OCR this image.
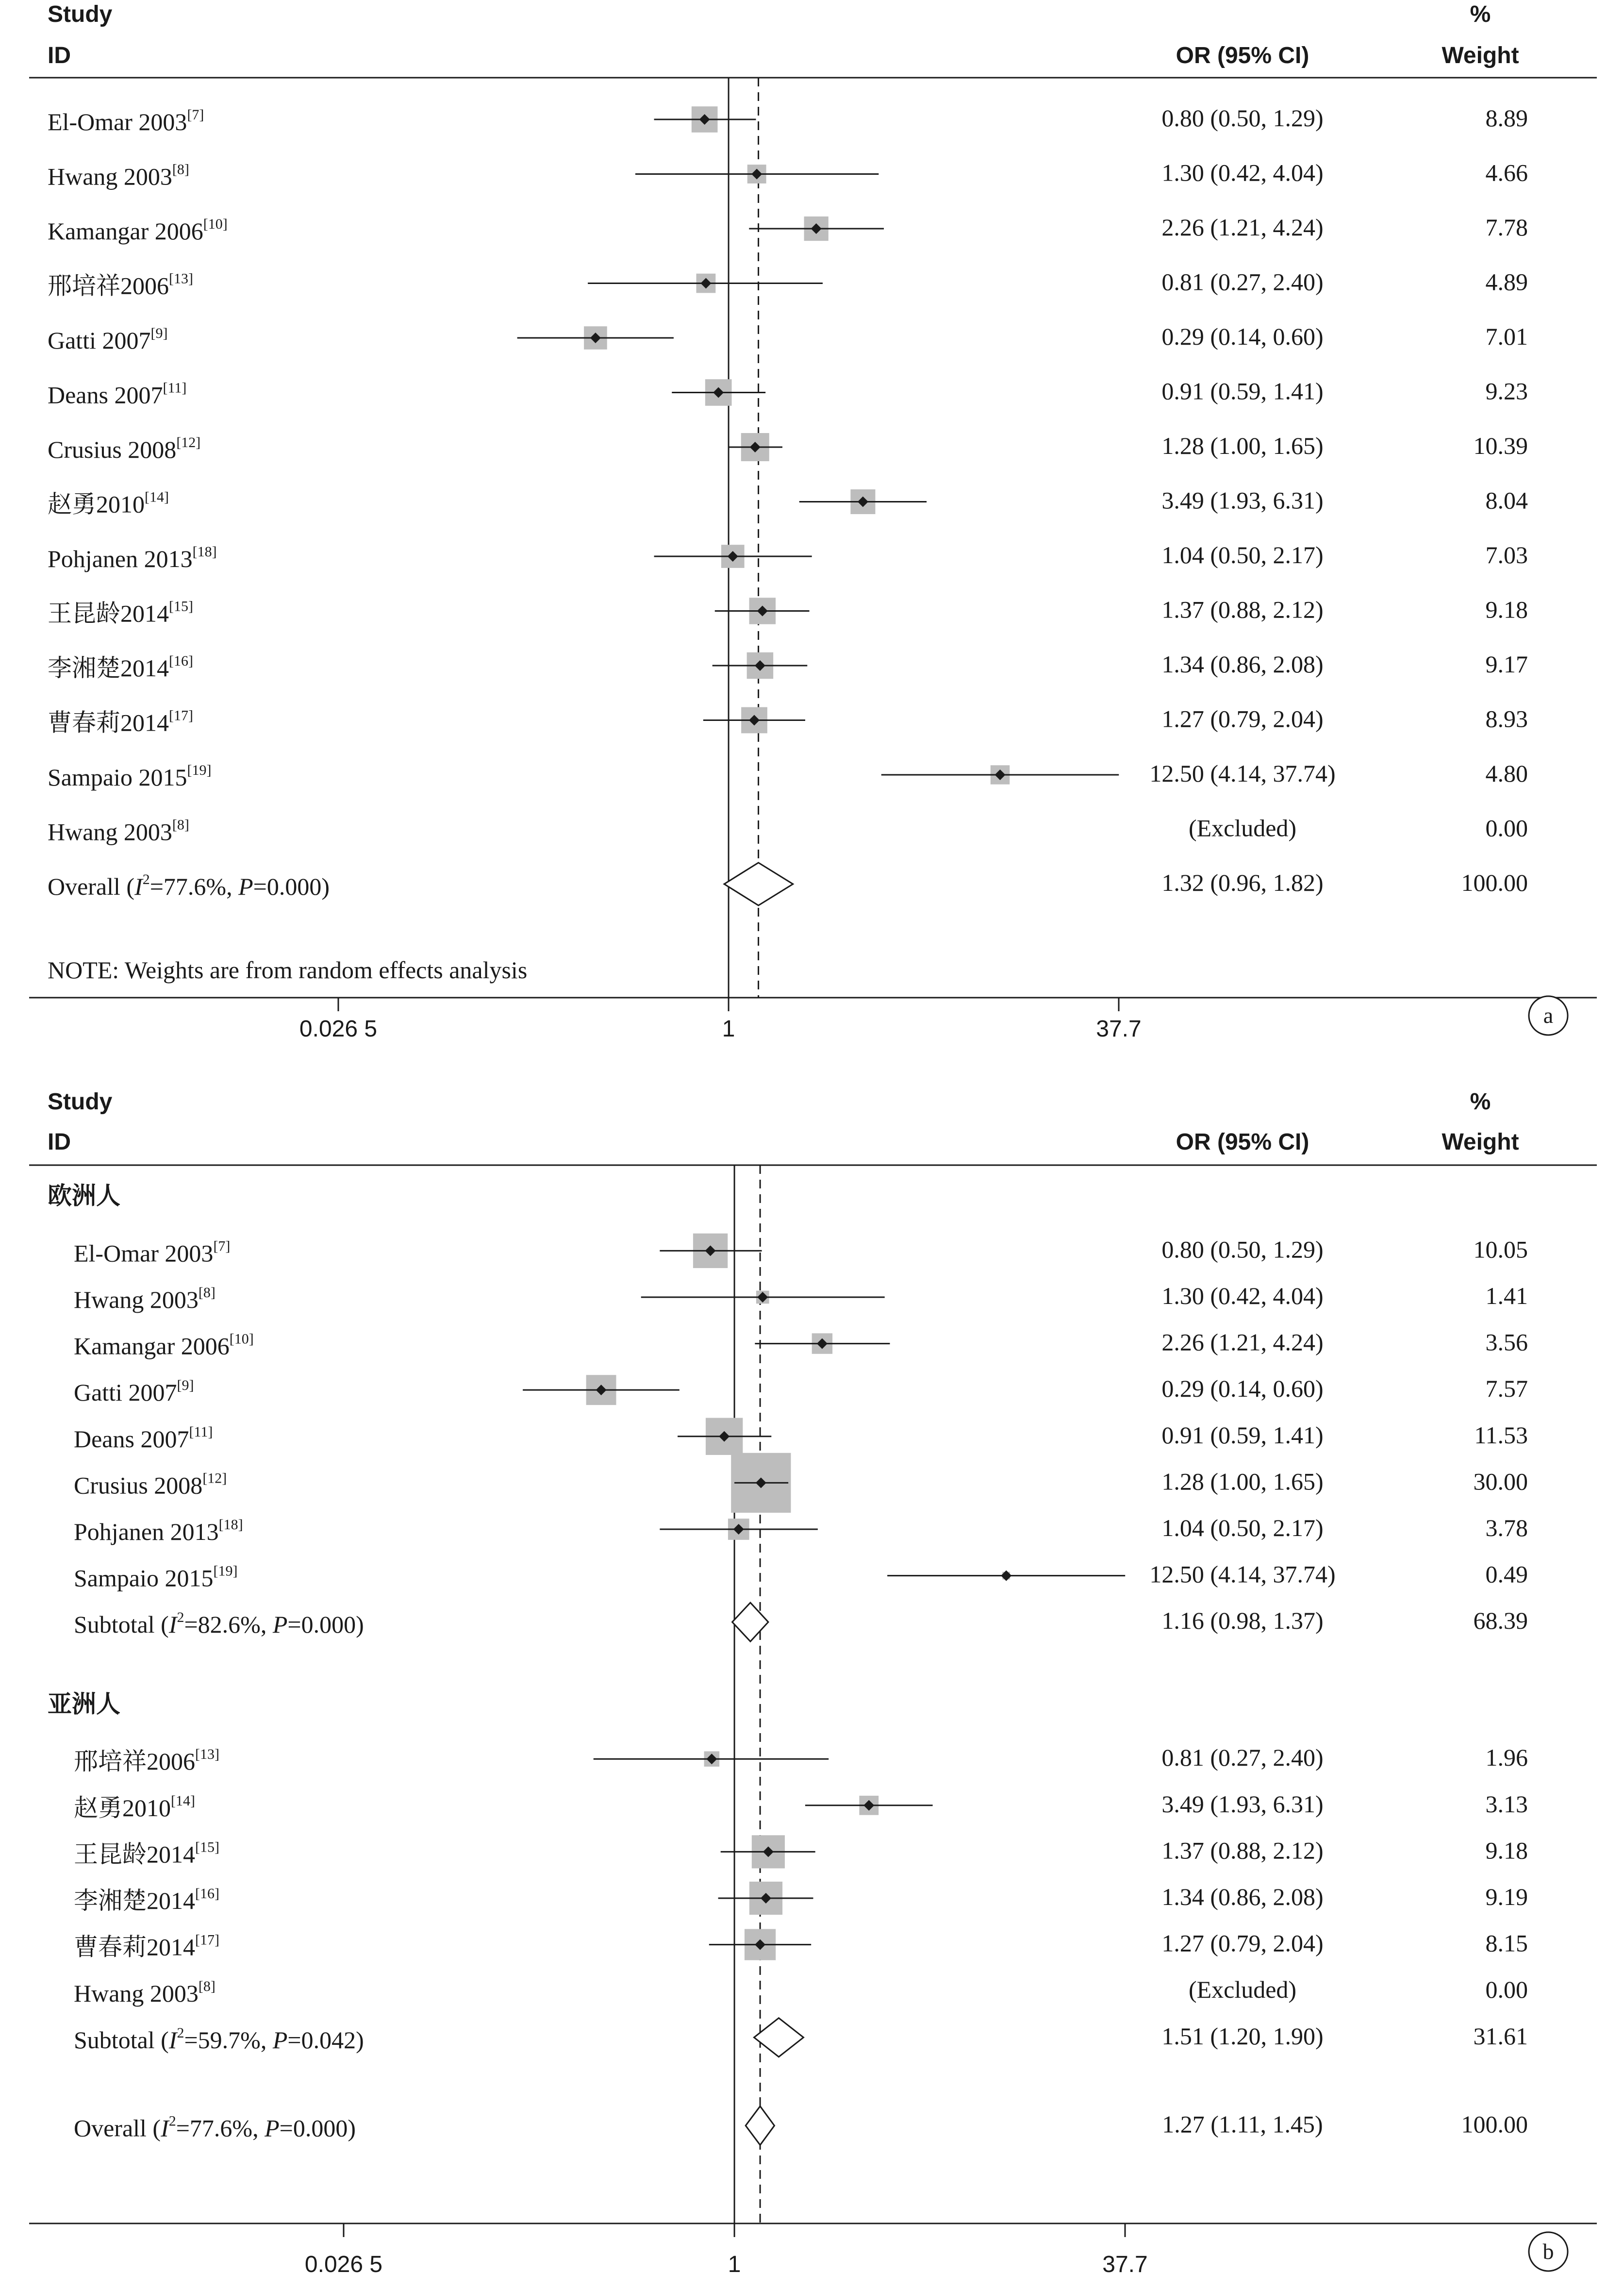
Study
ID	OR (95% CI)
%
Weight
El-Omar 2003[7]	0.80 (0.50, 1.29)	8.89
Hwang 2003[8]	1.30 (0.42, 4.04)	4.66
Kamangar 2006[10]	2.26 (1.21, 4.24)	7.78
邢培祥2006[13]	0.81 (0.27, 2.40)	4.89
Gatti 2007[9]	0.29 (0.14, 0.60)	7.01
Deans 2007[11]	0.91 (0.59, 1.41)	9.23
Crusius 2008[12]	1.28 (1.00, 1.65)	10.39
赵勇2010[14]	3.49 (1.93, 6.31)	8.04
Pohjanen 2013[18]	1.04 (0.50, 2.17)	7.03
王昆龄2014[15]	1.37 (0.88, 2.12)	9.18
李湘楚2014[16]	1.34 (0.86, 2.08)	9.17
曹春莉2014[17]	1.27 (0.79, 2.04)	8.93
Sampaio 2015[19]	12.50 (4.14, 37.74)	4.80
Hwang 2003[8]	(Excluded)	0.00
Overall ($I^2=77.6\%$, P=0.000)	1.32 (0.96, 1.82)	100.00
NOTE: Weights are from random effects analysis
0.026 5	1	37.7
a
Study
ID	OR (95% CI)
%
Weight
欧洲人
El-Omar 2003[7]	0.80 (0.50, 1.29)	10.05
Hwang 2003[8]	1.30 (0.42, 4.04)	1.41
Kamangar 2006[10]	2.26 (1.21, 4.24)	3.56
Gatti 2007[9]	0.29 (0.14, 0.60)	7.57
Deans 2007[11]	0.91 (0.59, 1.41)	11.53
Crusius 2008[12]	1.28 (1.00, 1.65)	30.00
Pohjanen 2013[18]	1.04 (0.50, 2.17)	3.78
Sampaio 2015[19]	12.50 (4.14, 37.74)	0.49
Subtotal ($I^2=82.6\%$, P=0.000)	1.16 (0.98, 1.37)	68.39
亚洲人
邢培祥2006[13]	0.81 (0.27, 2.40)	1.96
赵勇2010[14]	3.49 (1.93, 6.31)	3.13
王昆龄2014[15]	1.37 (0.88, 2.12)	9.18
李湘楚2014[16]	1.34 (0.86, 2.08)	9.19
曹春莉2014[17]	1.27 (0.79, 2.04)	8.15
Hwang 2003[8]	(Excluded)	0.00
Subtotal ($I^2=59.7\%$, P=0.042)	1.51 (1.20, 1.90)	31.61
Overall ($I^2=77.6\%$, P=0.000)	1.27 (1.11, 1.45)	100.00
0.026 5	1	37.7
b
